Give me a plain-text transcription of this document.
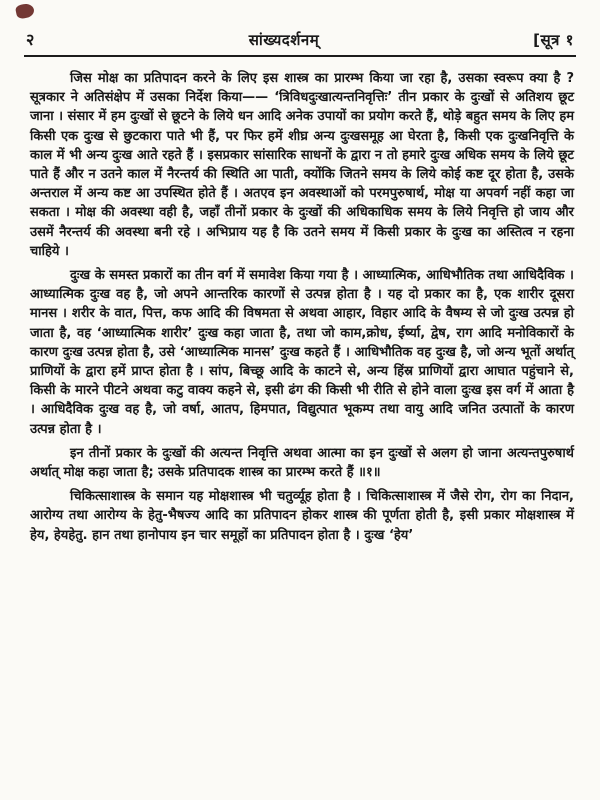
२	सांख्यदर्शनम्	[सूत्र १

जिस मोक्ष का प्रतिपादन करने के लिए इस शास्त्र का प्रारम्भ किया जा रहा है, उसका स्वरूप क्या है ? सूत्रकार ने अतिसंक्षेप में उसका निर्देश किया—— ‘त्रिविधदुःखात्यन्तनिवृत्तिः’ तीन प्रकार के दुःखों से अतिशय छूट जाना । संसार में हम दुःखों से छूटने के लिये धन आदि अनेक उपायों का प्रयोग करते हैं, थोड़े बहुत समय के लिए हम किसी एक दुःख से छुटकारा पाते भी हैं, पर फिर हमें शीघ्र अन्य दुःखसमूह आ घेरता है, किसी एक दुःखनिवृत्ति के काल में भी अन्य दुःख आते रहते हैं । इसप्रकार सांसारिक साधनों के द्वारा न तो हमारे दुःख अधिक समय के लिये छूट पाते हैं और न उतने काल में नैरन्तर्य की स्थिति आ पाती, क्योंकि जितने समय के लिये कोई कष्ट दूर होता है, उसके अन्तराल में अन्य कष्ट आ उपस्थित होते हैं । अतएव इन अवस्थाओं को परमपुरुषार्थ, मोक्ष या अपवर्ग नहीं कहा जा सकता । मोक्ष की अवस्था वही है, जहाँ तीनों प्रकार के दुःखों की अधिकाधिक समय के लिये निवृत्ति हो जाय और उसमें नैरन्तर्य की अवस्था बनी रहे । अभिप्राय यह है कि उतने समय में किसी प्रकार के दुःख का अस्तित्व न रहना चाहिये ।

दुःख के समस्त प्रकारों का तीन वर्ग में समावेश किया गया है । आध्यात्मिक, आधिभौतिक तथा आधिदैविक । आध्यात्मिक दुःख वह है, जो अपने आन्तरिक कारणों से उत्पन्न होता है । यह दो प्रकार का है, एक शारीर दूसरा मानस । शरीर के वात, पित्त, कफ आदि की विषमता से अथवा आहार, विहार आदि के वैषम्य से जो दुःख उत्पन्न हो जाता है, वह ‘आध्यात्मिक शारीर’ दुःख कहा जाता है, तथा जो काम,क्रोध, ईर्ष्या, द्वेष, राग आदि मनोविकारों के कारण दुःख उत्पन्न होता है, उसे ‘आध्यात्मिक मानस’ दुःख कहते हैं । आधिभौतिक वह दुःख है, जो अन्य भूतों अर्थात् प्राणियों के द्वारा हमें प्राप्त होता है । सांप, बिच्छू आदि के काटने से, अन्य हिंस्र प्राणियों द्वारा आघात पहुंचाने से, किसी के मारने पीटने अथवा कटु वाक्य कहने से, इसी ढंग की किसी भी रीति से होने वाला दुःख इस वर्ग में आता है । आधिदैविक दुःख वह है, जो वर्षा, आतप, हिमपात, विद्युत्पात भूकम्प तथा वायु आदि जनित उत्पातों के कारण उत्पन्न होता है ।

इन तीनों प्रकार के दुःखों की अत्यन्त निवृत्ति अथवा आत्मा का इन दुःखों से अलग हो जाना अत्यन्तपुरुषार्थ अर्थात् मोक्ष कहा जाता है; उसके प्रतिपादक शास्त्र का प्रारम्भ करते हैं ॥१॥

चिकित्साशास्त्र के समान यह मोक्षशास्त्र भी चतुर्व्यूह होता है । चिकित्साशास्त्र में जैसे रोग, रोग का निदान, आरोग्य तथा आरोग्य के हेतु-भैषज्य आदि का प्रतिपादन होकर शास्त्र की पूर्णता होती है, इसी प्रकार मोक्षशास्त्र में हेय, हेयहेतु. हान तथा हानोपाय इन चार समूहों का प्रतिपादन होता है । दुःख ‘हेय’
